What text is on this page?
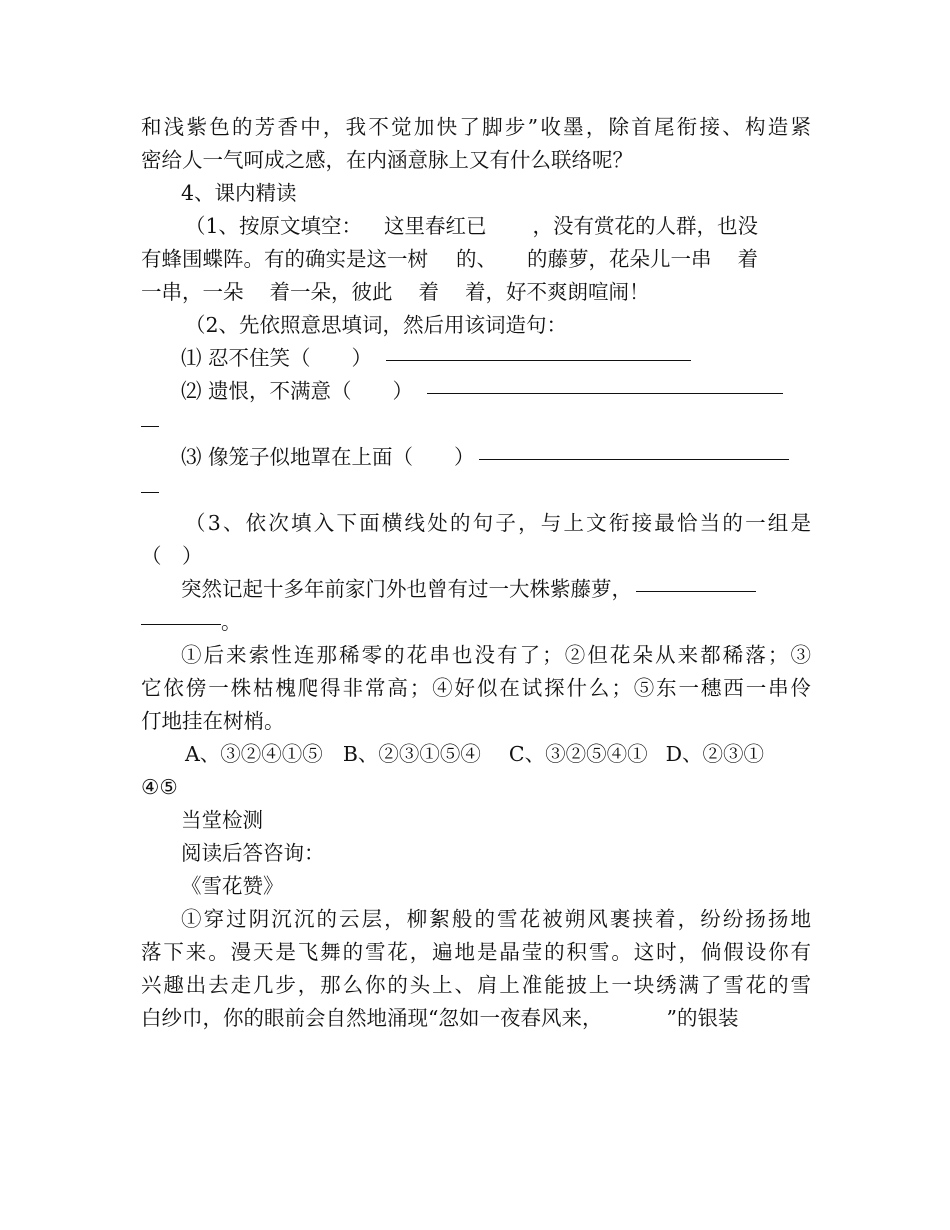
和浅紫色的芳香中，我不觉加快了脚步”收墨，除首尾衔接、构造紧
密给人一气呵成之感，在内涵意脉上又有什么联络呢？
4、课内精读
（1、按原文填空： 这里春红已 ，没有赏花的人群，也没
有蜂围蝶阵。有的确实是这一树 的、 的藤萝，花朵儿一串 着
一串，一朵 着一朵，彼此 着 着，好不爽朗喧闹！
（2、先依照意思填词，然后用该词造句：
⑴ 忍不住笑（　　）
⑵ 遗恨，不满意（　　）
⑶ 像笼子似地罩在上面（　　）
（3、依次填入下面横线处的句子，与上文衔接最恰当的一组是
（　）
突然记起十多年前家门外也曾有过一大株紫藤萝，
。
①后来索性连那稀零的花串也没有了；②但花朵从来都稀落；③
它依傍一株枯槐爬得非常高；④好似在试探什么；⑤东一穗西一串伶
仃地挂在树梢。
A、③②④①⑤ B、②③①⑤④ C、③②⑤④① D、②③①
④⑤
当堂检测
阅读后答咨询：
《雪花赞》
①穿过阴沉沉的云层，柳絮般的雪花被朔风裹挟着，纷纷扬扬地
落下来。漫天是飞舞的雪花，遍地是晶莹的积雪。这时，倘假设你有
兴趣出去走几步，那么你的头上、肩上准能披上一块绣满了雪花的雪
白纱巾，你的眼前会自然地涌现“忽如一夜春风来，	”的银装
